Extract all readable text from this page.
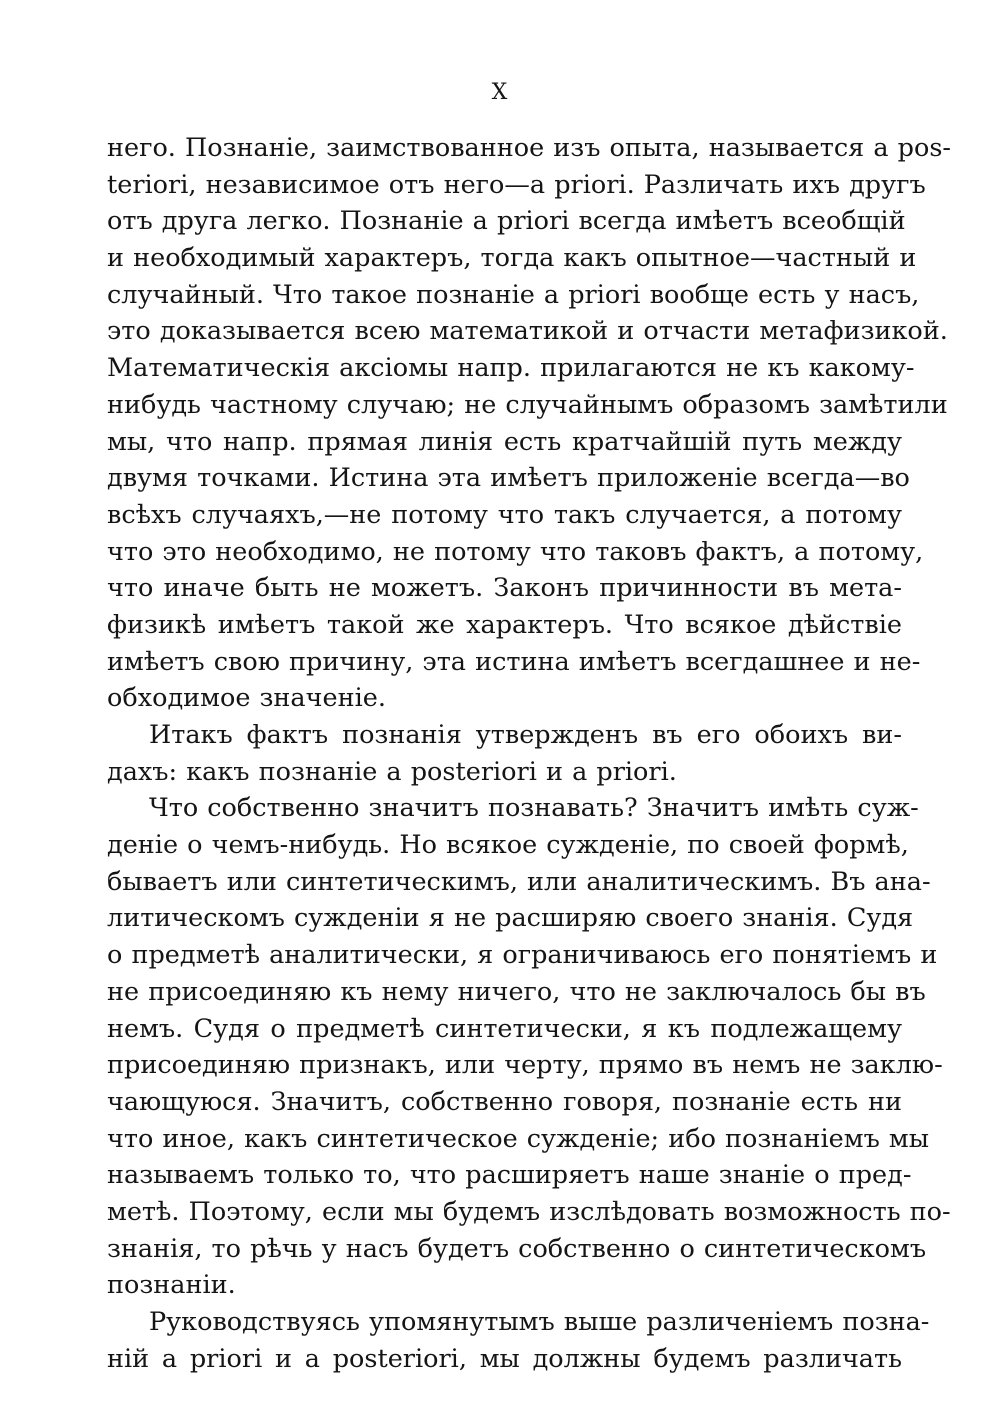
X
него. Познанiе, заимствованное изъ опыта, называется а pos-
teriori, независимое отъ него—а priori. Различать ихъ другъ
отъ друга легко. Познанiе а priori всегда имѣетъ всеобщiй
и необходимый характеръ, тогда какъ опытное—частный и
случайный. Что такое познанiе а priori вообще есть у насъ,
это доказывается всею математикой и отчасти метафизикой.
Математическiя аксiомы напр. прилагаются не къ какому-
нибудь частному случаю; не случайнымъ образомъ замѣтили
мы, что напр. прямая линiя есть кратчайшiй путь между
двумя точками. Истина эта имѣетъ приложенiе всегда—во
всѣхъ случаяхъ,—не потому что такъ случается, а потому
что это необходимо, не потому что таковъ фактъ, а потому,
что иначе быть не можетъ. Законъ причинности въ мета-
физикѣ имѣетъ такой же характеръ. Что всякое дѣйствiе
имѣетъ свою причину, эта истина имѣетъ всегдашнее и не-
обходимое значенiе.
Итакъ фактъ познанiя утвержденъ въ его обоихъ ви-
дахъ: какъ познанiе а posteriori и а priori.
Что собственно значитъ познавать? Значитъ имѣть суж-
денiе о чемъ-нибудь. Но всякое сужденiе, по своей формѣ,
бываетъ или синтетическимъ, или аналитическимъ. Въ ана-
литическомъ сужденiи я не расширяю своего знанiя. Судя
о предметѣ аналитически, я ограничиваюсь его понятiемъ и
не присоединяю къ нему ничего, что не заключалось бы въ
немъ. Судя о предметѣ синтетически, я къ подлежащему
присоединяю признакъ, или черту, прямо въ немъ не заклю-
чающуюся. Значитъ, собственно говоря, познанiе есть ни
что иное, какъ синтетическое сужденiе; ибо познанiемъ мы
называемъ только то, что расширяетъ наше знанiе о пред-
метѣ. Поэтому, если мы будемъ изслѣдовать возможность по-
знанiя, то рѣчь у насъ будетъ собственно о синтетическомъ
познанiи.
Руководствуясь упомянутымъ выше различенiемъ позна-
нiй а priori и а posteriori, мы должны будемъ различать
